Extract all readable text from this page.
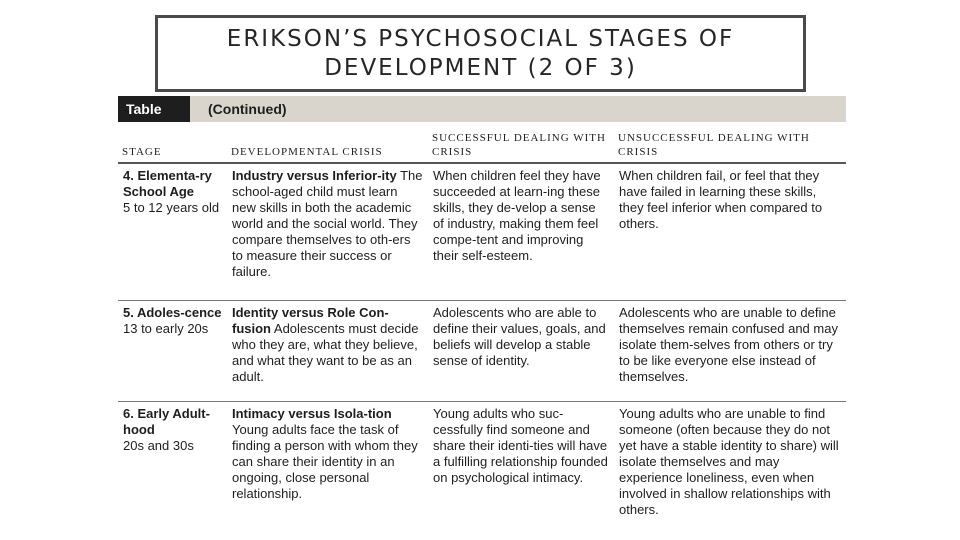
ERIKSON’S PSYCHOSOCIAL STAGES OF
DEVELOPMENT (2 OF 3)
Table 12.3
(Continued)
STAGE	DEVELOPMENTAL CRISIS
SUCCESSFUL DEALING WITH CRISIS
UNSUCCESSFUL DEALING WITH CRISIS
4. Elementa-ry School Age
5 to 12 years old
Industry versus Inferior-ity The school-aged child must learn new skills in both the academic world and the social world. They compare themselves to oth-ers to measure their success or failure.
When children feel they have succeeded at learn-ing these skills, they de-velop a sense of industry, making them feel compe-tent and improving their self-esteem.
When children fail, or feel that they have failed in learning these skills, they feel inferior when compared to others.
5. Adoles-cence
13 to early 20s
Identity versus Role Con-fusion Adolescents must decide who they are, what they believe, and what they want to be as an adult.
Adolescents who are able to define their values, goals, and beliefs will develop a stable sense of identity.
Adolescents who are unable to define themselves remain confused and may isolate them-selves from others or try to be like everyone else instead of themselves.
6. Early Adult-hood
20s and 30s
Intimacy versus Isola-tion Young adults face the task of finding a person with whom they can share their identity in an ongoing, close personal relationship.
Young adults who suc-cessfully find someone and share their identi-ties will have a fulfilling relationship founded on psychological intimacy.
Young adults who are unable to find someone (often because they do not yet have a stable identity to share) will isolate themselves and may experience loneliness, even when involved in shallow relationships with others.
